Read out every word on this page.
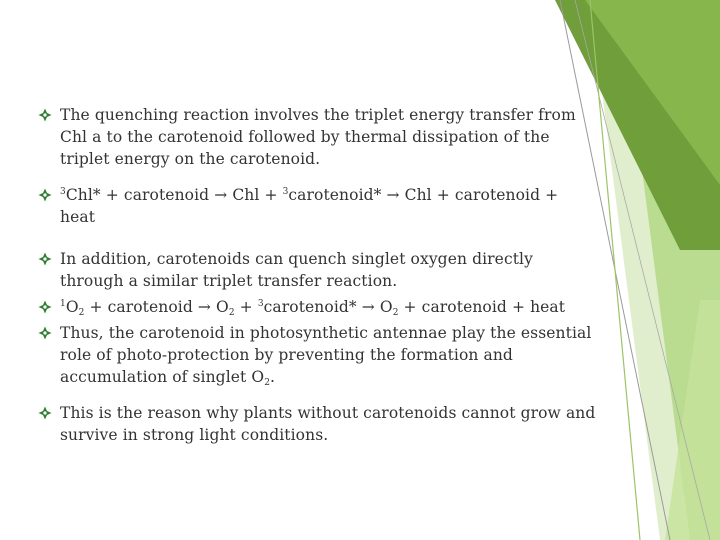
The quenching reaction involves the triplet energy transfer from Chl a to the carotenoid followed by thermal dissipation of the triplet energy on the carotenoid.
$^3$Chl* + carotenoid → Chl + $^3$carotenoid* → Chl + carotenoid + heat
In addition, carotenoids can quench singlet oxygen directly through a similar triplet transfer reaction.
$^1O_2$ + carotenoid → $O_2$ + $^3$carotenoid* → $O_2$ + carotenoid + heat
Thus, the carotenoid in photosynthetic antennae play the essential role of photo-protection by preventing the formation and accumulation of singlet $O_2$.
This is the reason why plants without carotenoids cannot grow and survive in strong light conditions.
